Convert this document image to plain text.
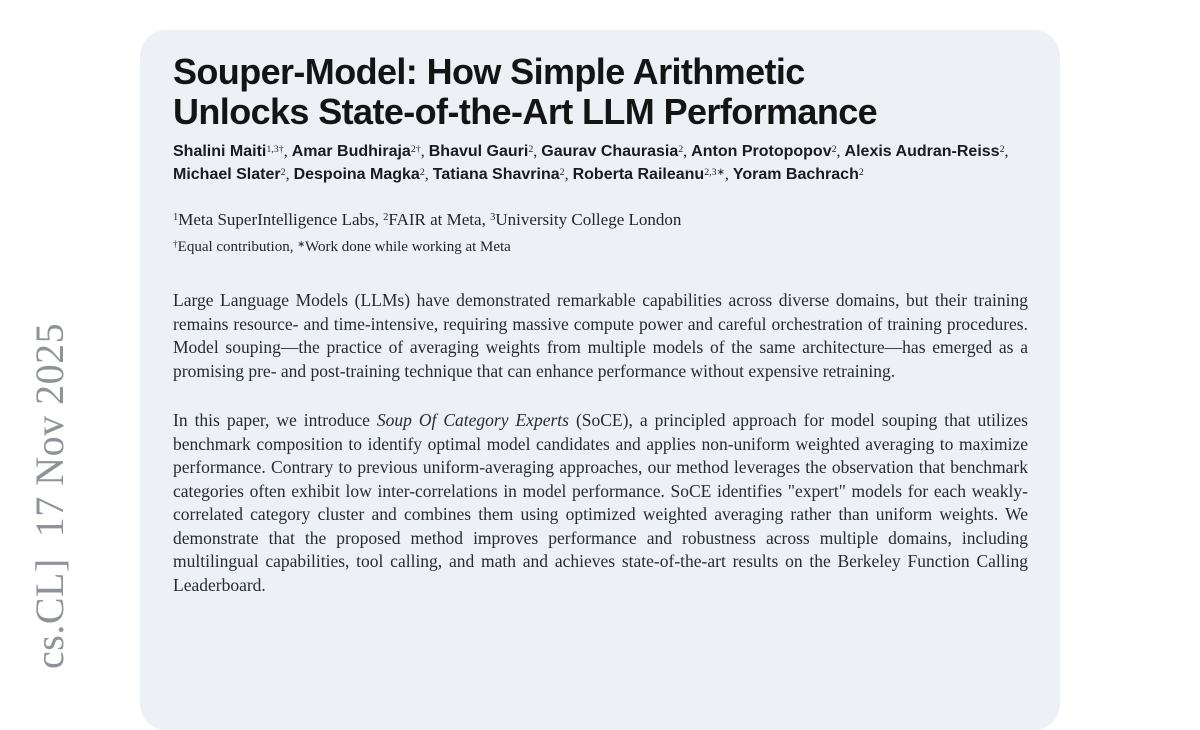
cs.CL]  17 Nov 2025
Souper-Model: How Simple Arithmetic
Unlocks State-of-the-Art LLM Performance
Shalini Maiti$^{1,3\dagger}$, Amar Budhiraja$^{2\dagger}$, Bhavul Gauri$^2$, Gaurav Chaurasia$^2$, Anton Protopopov$^2$, Alexis Audran-Reiss$^2$, Michael Slater$^2$, Despoina Magka$^2$, Tatiana Shavrina$^2$, Roberta Raileanu$^{2,3∗}$, Yoram Bachrach$^2$
$^1$Meta SuperIntelligence Labs, $^2$FAIR at Meta, $^3$University College London
†Equal contribution, ∗Work done while working at Meta

Large Language Models (LLMs) have demonstrated remarkable capabilities across diverse domains, but their training remains resource- and time-intensive, requiring massive compute power and careful orchestration of training procedures. Model souping—the practice of averaging weights from multiple models of the same architecture—has emerged as a promising pre- and post-training technique that can enhance performance without expensive retraining.

In this paper, we introduce Soup Of Category Experts (SoCE), a principled approach for model souping that utilizes benchmark composition to identify optimal model candidates and applies non-uniform weighted averaging to maximize performance. Contrary to previous uniform-averaging approaches, our method leverages the observation that benchmark categories often exhibit low inter-correlations in model performance. SoCE identifies "expert" models for each weakly-correlated category cluster and combines them using optimized weighted averaging rather than uniform weights. We demonstrate that the proposed method improves performance and robustness across multiple domains, including multilingual capabilities, tool calling, and math and achieves state-of-the-art results on the Berkeley Function Calling Leaderboard.
